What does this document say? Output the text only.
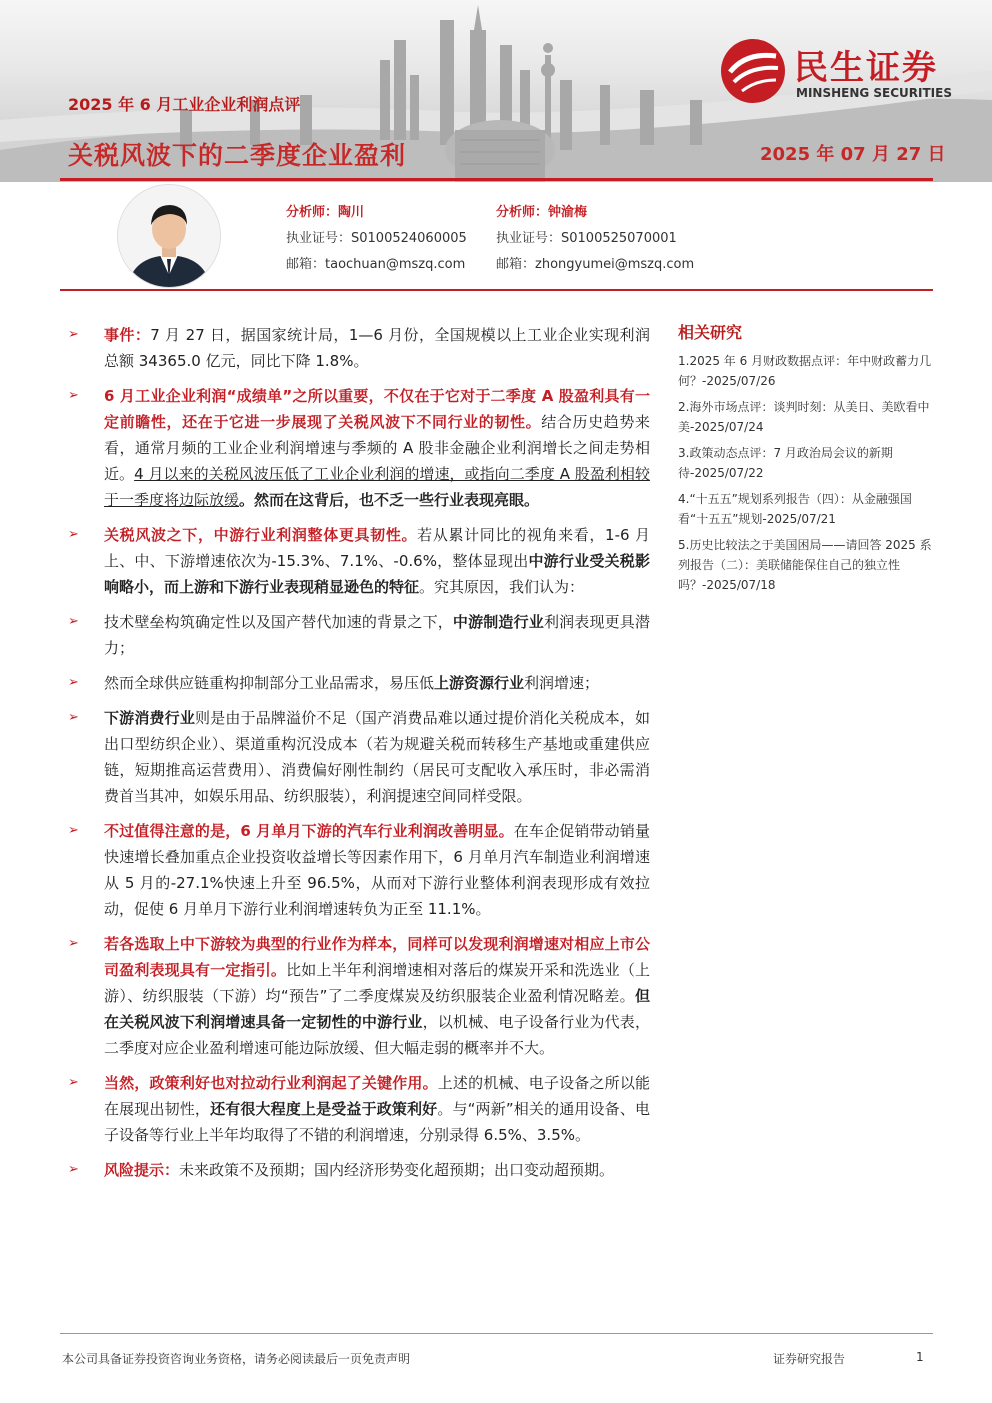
民生证券
MINSHENG SECURITIES
2025 年 6 月工业企业利润点评
关税风波下的二季度企业盈利	2025 年 07 月 27 日
分析师：陶川
执业证号：S0100524060005
邮箱：taochuan@mszq.com
分析师：钟渝梅
执业证号：S0100525070001
邮箱：zhongyumei@mszq.com
➢ 事件：7 月 27 日，据国家统计局，1—6 月份，全国规模以上工业企业实现利润总额 34365.0 亿元，同比下降 1.8%。
➢ 6 月工业企业利润“成绩单”之所以重要，不仅在于它对于二季度 A 股盈利具有一定前瞻性，还在于它进一步展现了关税风波下不同行业的韧性。结合历史趋势来看，通常月频的工业企业利润增速与季频的 A 股非金融企业利润增长之间走势相近。4 月以来的关税风波压低了工业企业利润的增速，或指向二季度 A 股盈利相较于一季度将边际放缓。然而在这背后，也不乏一些行业表现亮眼。
➢ 关税风波之下，中游行业利润整体更具韧性。若从累计同比的视角来看，1-6 月上、中、下游增速依次为-15.3%、7.1%、-0.6%，整体显现出中游行业受关税影响略小，而上游和下游行业表现稍显逊色的特征。究其原因，我们认为：
➢ 技术壁垒构筑确定性以及国产替代加速的背景之下，中游制造行业利润表现更具潜力；
➢ 然而全球供应链重构抑制部分工业品需求，易压低上游资源行业利润增速；
➢ 下游消费行业则是由于品牌溢价不足（国产消费品难以通过提价消化关税成本，如出口型纺织企业）、渠道重构沉没成本（若为规避关税而转移生产基地或重建供应链，短期推高运营费用）、消费偏好刚性制约（居民可支配收入承压时，非必需消费首当其冲，如娱乐用品、纺织服装），利润提速空间同样受限。
➢ 不过值得注意的是，6 月单月下游的汽车行业利润改善明显。在车企促销带动销量快速增长叠加重点企业投资收益增长等因素作用下，6 月单月汽车制造业利润增速从 5 月的-27.1%快速上升至 96.5%，从而对下游行业整体利润表现形成有效拉动，促使 6 月单月下游行业利润增速转负为正至 11.1%。
➢ 若各选取上中下游较为典型的行业作为样本，同样可以发现利润增速对相应上市公司盈利表现具有一定指引。比如上半年利润增速相对落后的煤炭开采和洗选业（上游）、纺织服装（下游）均“预告”了二季度煤炭及纺织服装企业盈利情况略差。但在关税风波下利润增速具备一定韧性的中游行业，以机械、电子设备行业为代表，二季度对应企业盈利增速可能边际放缓、但大幅走弱的概率并不大。
➢ 当然，政策利好也对拉动行业利润起了关键作用。上述的机械、电子设备之所以能在展现出韧性，还有很大程度上是受益于政策利好。与“两新”相关的通用设备、电子设备等行业上半年均取得了不错的利润增速，分别录得 6.5%、3.5%。
➢ 风险提示：未来政策不及预期；国内经济形势变化超预期；出口变动超预期。
相关研究
1.2025 年 6 月财政数据点评：年中财政蓄力几何？-2025/07/26
2.海外市场点评：谈判时刻：从美日、美欧看中美-2025/07/24
3.政策动态点评：7 月政治局会议的新期待-2025/07/22
4.“十五五”规划系列报告（四）：从金融强国看“十五五”规划-2025/07/21
5.历史比较法之于美国困局——请回答 2025 系列报告（二）：美联储能保住自己的独立性吗？-2025/07/18
本公司具备证券投资咨询业务资格，请务必阅读最后一页免责声明	证券研究报告	1
